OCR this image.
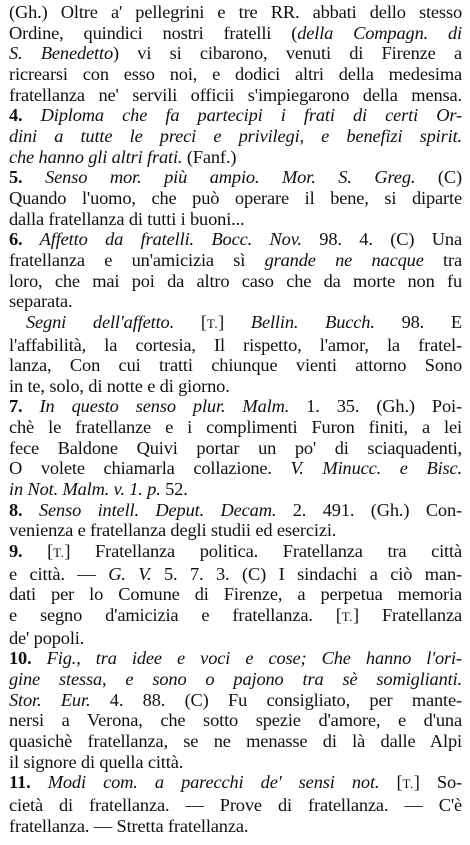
(Gh.) Oltre a' pellegrini e tre RR. abbati dello stesso
Ordine, quindici nostri fratelli (della Compagn. di
S. Benedetto) vi si cibarono, venuti di Firenze a
ricrearsi con esso noi, e dodici altri della medesima
fratellanza ne' servili officii s'impiegarono della mensa.
4. Diploma che fa partecipi i frati di certi Or-
dini a tutte le preci e privilegi, e benefizi spirit.
che hanno gli altri frati. (Fanf.)
5. Senso mor. più ampio. Mor. S. Greg. (C)
Quando l'uomo, che può operare il bene, si diparte
dalla fratellanza di tutti i buoni...
6. Affetto da fratelli. Bocc. Nov. 98. 4. (C) Una
fratellanza e un'amicizia sì grande ne nacque tra
loro, che mai poi da altro caso che da morte non fu
separata.
Segni dell'affetto. [T.] Bellin. Bucch. 98. E
l'affabilità, la cortesia, Il rispetto, l'amor, la fratel-
lanza, Con cui tratti chiunque vienti attorno Sono
in te, solo, di notte e di giorno.
7. In questo senso plur. Malm. 1. 35. (Gh.) Poi-
chè le fratellanze e i complimenti Furon finiti, a lei
fece Baldone Quivi portar un po' di sciaquadenti,
O volete chiamarla collazione. V. Minucc. e Bisc.
in Not. Malm. v. 1. p. 52.
8. Senso intell. Deput. Decam. 2. 491. (Gh.) Con-
venienza e fratellanza degli studii ed esercizi.
9. [T.] Fratellanza politica. Fratellanza tra città
e città. — G. V. 5. 7. 3. (C) I sindachi a ciò man-
dati per lo Comune di Firenze, a perpetua memoria
e segno d'amicizia e fratellanza. [T.] Fratellanza
de' popoli.
10. Fig., tra idee e voci e cose; Che hanno l'ori-
gine stessa, e sono o pajono tra sè somiglianti.
Stor. Eur. 4. 88. (C) Fu consigliato, per mante-
nersi a Verona, che sotto spezie d'amore, e d'una
quasichè fratellanza, se ne menasse di là dalle Alpi
il signore di quella città.
11. Modi com. a parecchi de' sensi not. [T.] So-
cietà di fratellanza. — Prove di fratellanza. — C'è
fratellanza. — Stretta fratellanza.
